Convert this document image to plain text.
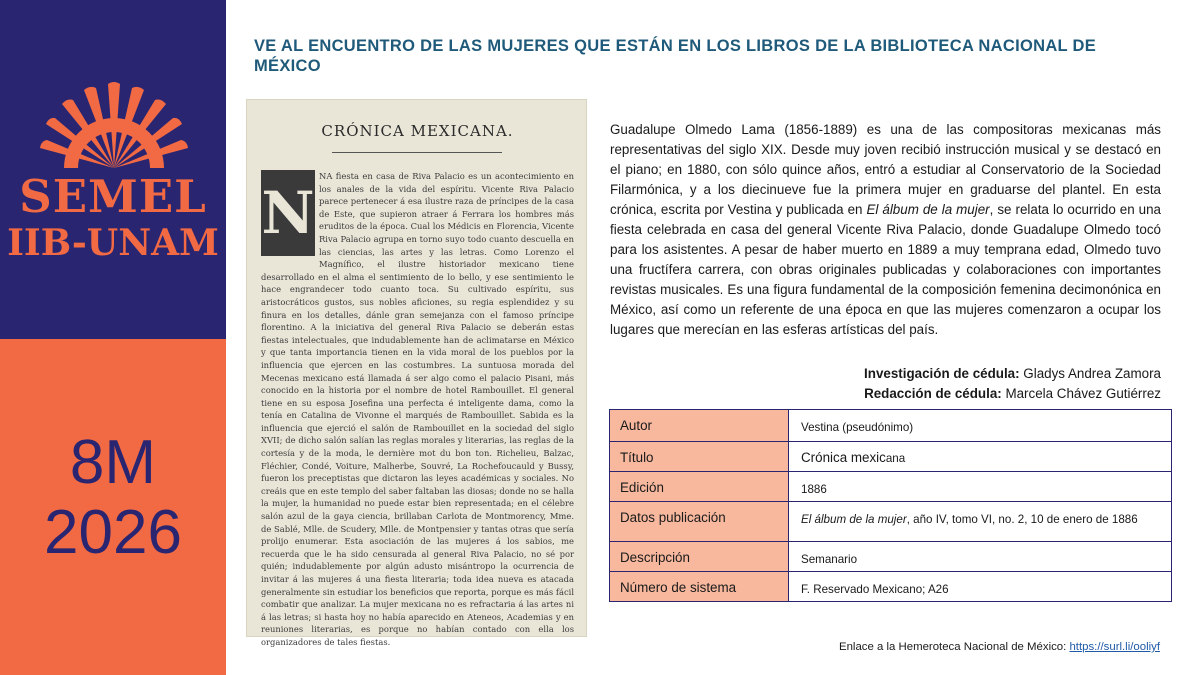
SEMEL
IIB-UNAM
8M
2026
VE AL ENCUENTRO DE LAS MUJERES QUE ESTÁN EN LOS LIBROS DE LA BIBLIOTECA NACIONAL DE MÉXICO
CRÓNICA MEXICANA.
NA fiesta en casa de Riva Palacio es un acontecimiento en los anales de la vida del espíritu. Vicente Riva Palacio parece pertenecer á esa ilustre raza de príncipes de la casa de Este, que supieron atraer á Ferrara los hombres más eruditos de la época. Cual los Médicis en Florencia, Vicente Riva Palacio agrupa en torno suyo todo cuanto descuella en las ciencias, las artes y las letras. Como Lorenzo el Magnífico, el ilustre historiador mexicano tiene desarrollado en el alma el sentimiento de lo bello, y ese sentimiento le hace engrandecer todo cuanto toca. Su cultivado espíritu, sus aristocráticos gustos, sus nobles aficiones, su regia esplendidez y su finura en los detalles, dánle gran semejanza con el famoso príncipe florentino. A la iniciativa del general Riva Palacio se deberán estas fiestas intelectuales, que indudablemente han de aclimatarse en México y que tanta importancia tienen en la vida moral de los pueblos por la influencia que ejercen en las costumbres. La suntuosa morada del Mecenas mexicano está llamada á ser algo como el palacio Pisani, más conocido en la historia por el nombre de hotel Rambouillet. El general tiene en su esposa Josefina una perfecta é inteligente dama, como la tenía en Catalina de Vivonne el marqués de Rambouillet. Sabida es la influencia que ejerció el salón de Rambouillet en la sociedad del siglo XVII; de dicho salón salían las reglas morales y literarias, las reglas de la cortesía y de la moda, le dernière mot du bon ton. Richelieu, Balzac, Fléchier, Condé, Voiture, Malherbe, Souvré, La Rochefoucauld y Bussy, fueron los preceptistas que dictaron las leyes académicas y sociales. No creáis que en este templo del saber faltaban las diosas; donde no se halla la mujer, la humanidad no puede estar bien representada; en el célebre salón azul de la gaya ciencia, brillaban Carlota de Montmorency, Mme. de Sablé, Mlle. de Scudery, Mlle. de Montpensier y tantas otras que sería prolijo enumerar. Esta asociación de las mujeres á los sabios, me recuerda que le ha sido censurada al general Riva Palacio, no sé por quién; indudablemente por algún adusto misántropo la ocurrencia de invitar á las mujeres á una fiesta literaria; toda idea nueva es atacada generalmente sin estudiar los beneficios que reporta, porque es más fácil combatir que analizar. La mujer mexicana no es refractaria á las artes ni á las letras; si hasta hoy no había aparecido en Ateneos, Academias y en reuniones literarias, es porque no habían contado con ella los organizadores de tales fiestas.
N
Guadalupe Olmedo Lama (1856-1889) es una de las compositoras mexicanas más representativas del siglo XIX. Desde muy joven recibió instrucción musical y se destacó en el piano; en 1880, con sólo quince años, entró a estudiar al Conservatorio de la Sociedad Filarmónica, y a los diecinueve fue la primera mujer en graduarse del plantel. En esta crónica, escrita por Vestina y publicada en El álbum de la mujer, se relata lo ocurrido en una fiesta celebrada en casa del general Vicente Riva Palacio, donde Guadalupe Olmedo tocó para los asistentes. A pesar de haber muerto en 1889 a muy temprana edad, Olmedo tuvo una fructífera carrera, con obras originales publicadas y colaboraciones con importantes revistas musicales. Es una figura fundamental de la composición femenina decimonónica en México, así como un referente de una época en que las mujeres comenzaron a ocupar los lugares que merecían en las esferas artísticas del país.
Investigación de cédula: Gladys Andrea Zamora
Redacción de cédula: Marcela Chávez Gutiérrez
Autor	Vestina (pseudónimo)
Título	Crónica mexicana
Edición	1886
Datos publicación	El álbum de la mujer, año IV, tomo VI, no. 2, 10 de enero de 1886
Descripción	Semanario
Número de sistema	F. Reservado Mexicano; A26
Enlace a la Hemeroteca Nacional de México: https://surl.li/ooliyf
